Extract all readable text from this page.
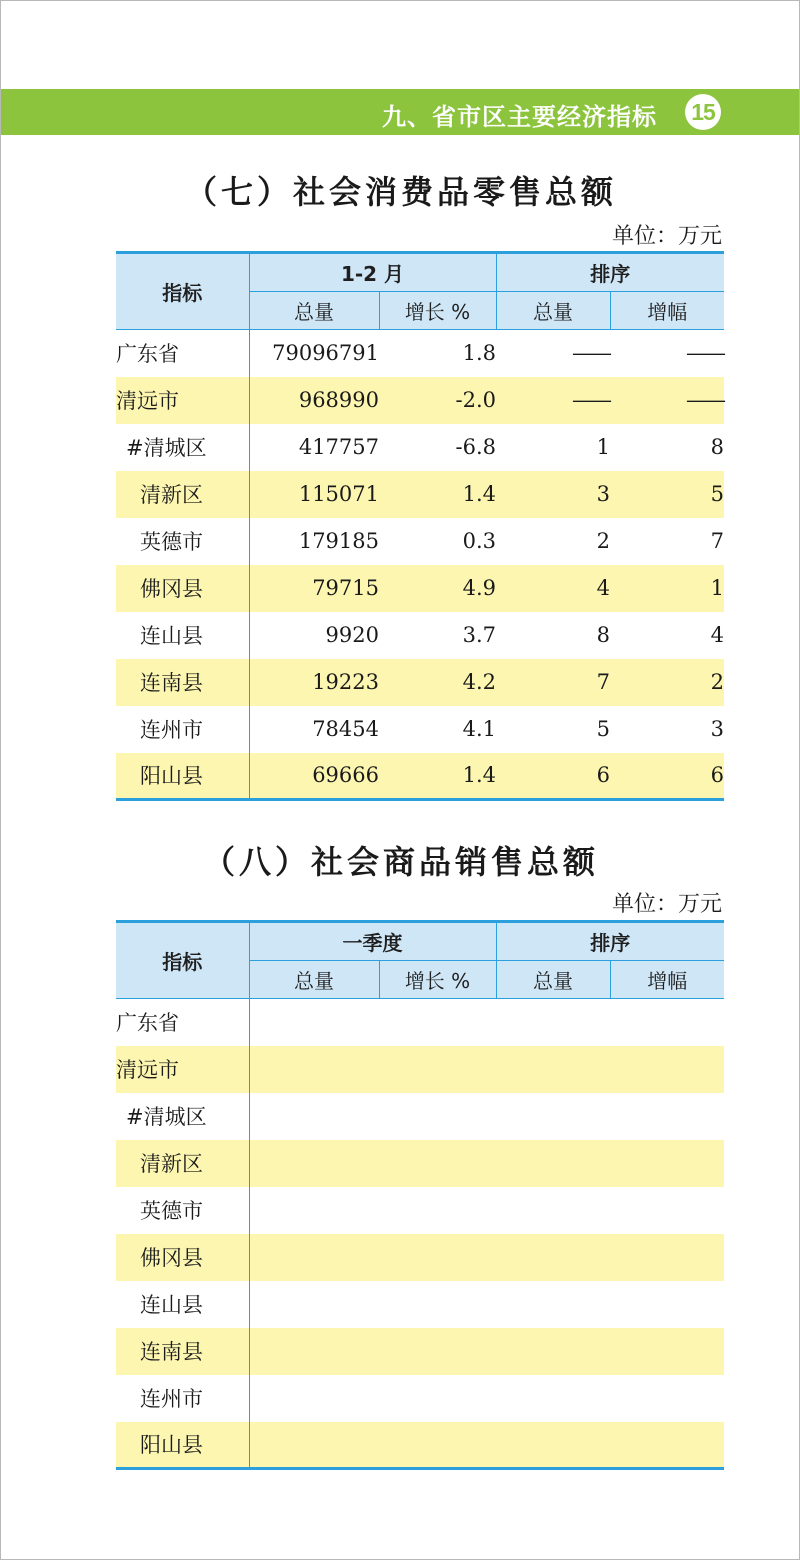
九、省市区主要经济指标 15
（七）社会消费品零售总额
单位：万元
指标	1-2 月		排序	
	总量	增长 %	总量	增幅
广东省	79096791	1.8	——	——
清远市	968990	-2.0	——	——
#清城区	417757	-6.8	1	8
清新区	115071	1.4	3	5
英德市	179185	0.3	2	7
佛冈县	79715	4.9	4	1
连山县	9920	3.7	8	4
连南县	19223	4.2	7	2
连州市	78454	4.1	5	3
阳山县	69666	1.4	6	6
（八）社会商品销售总额
单位：万元
指标	一季度		排序	
	总量	增长 %	总量	增幅
广东省				
清远市				
#清城区				
清新区				
英德市				
佛冈县				
连山县				
连南县				
连州市				
阳山县				
